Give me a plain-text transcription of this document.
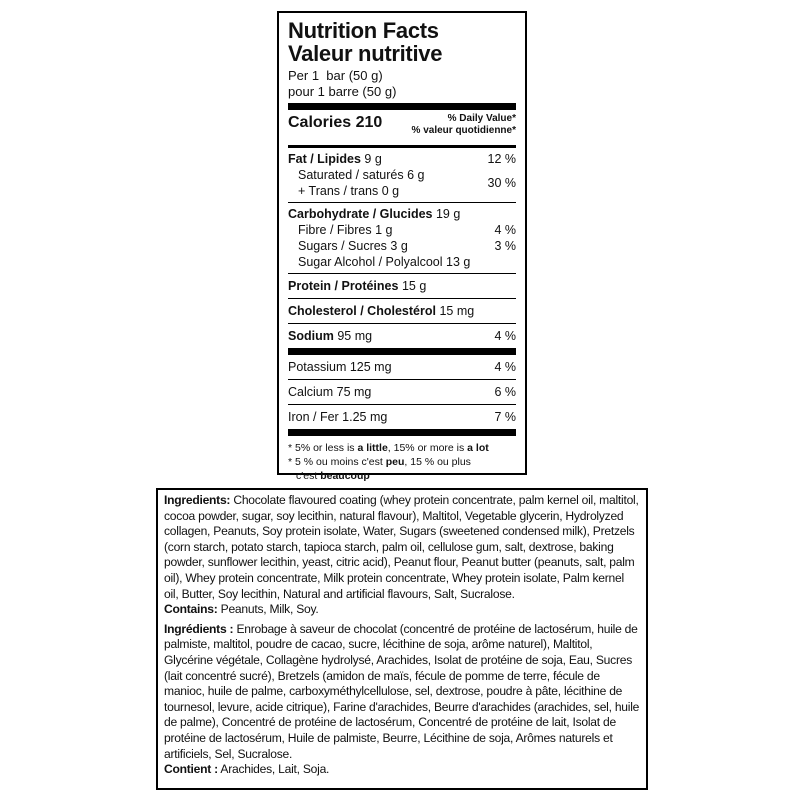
Nutrition Facts
Valeur nutritive
Per 1  bar (50 g)
pour 1 barre (50 g)
Calories 210	% Daily Value*
% valeur quotidienne*
Fat / Lipides 9 g	12 %
Saturated / saturés 6 g
+ Trans / trans 0 g
30 %
Carbohydrate / Glucides 19 g
Fibre / Fibres 1 g	4 %
Sugars / Sucres 3 g	3 %
Sugar Alcohol / Polyalcool 13 g
Protein / Protéines 15 g
Cholesterol / Cholestérol 15 mg
Sodium 95 mg	4 %
Potassium 125 mg	4 %
Calcium 75 mg	6 %
Iron / Fer 1.25 mg	7 %
* 5% or less is a little, 15% or more is a lot
* 5 % ou moins c'est peu, 15 % ou plus
c'est beaucoup

Ingredients: Chocolate flavoured coating (whey protein concentrate, palm kernel oil, maltitol, cocoa powder, sugar, soy lecithin, natural flavour), Maltitol, Vegetable glycerin, Hydrolyzed collagen, Peanuts, Soy protein isolate, Water, Sugars (sweetened condensed milk), Pretzels (corn starch, potato starch, tapioca starch, palm oil, cellulose gum, salt, dextrose, baking powder, sunflower lecithin, yeast, citric acid), Peanut flour, Peanut butter (peanuts, salt, palm oil), Whey protein concentrate, Milk protein concentrate, Whey protein isolate, Palm kernel oil, Butter, Soy lecithin, Natural and artificial flavours, Salt, Sucralose.

Contains: Peanuts, Milk, Soy.

Ingrédients : Enrobage à saveur de chocolat (concentré de protéine de lactosérum, huile de palmiste, maltitol, poudre de cacao, sucre, lécithine de soja, arôme naturel), Maltitol, Glycérine végétale, Collagène hydrolysé, Arachides, Isolat de protéine de soja, Eau, Sucres (lait concentré sucré), Bretzels (amidon de maïs, fécule de pomme de terre, fécule de manioc, huile de palme, carboxyméthylcellulose, sel, dextrose, poudre à pâte, lécithine de tournesol, levure, acide citrique), Farine d'arachides, Beurre d'arachides (arachides, sel, huile de palme), Concentré de protéine de lactosérum, Concentré de protéine de lait, Isolat de protéine de lactosérum, Huile de palmiste, Beurre, Lécithine de soja, Arômes naturels et artificiels, Sel, Sucralose.

Contient : Arachides, Lait, Soja.
